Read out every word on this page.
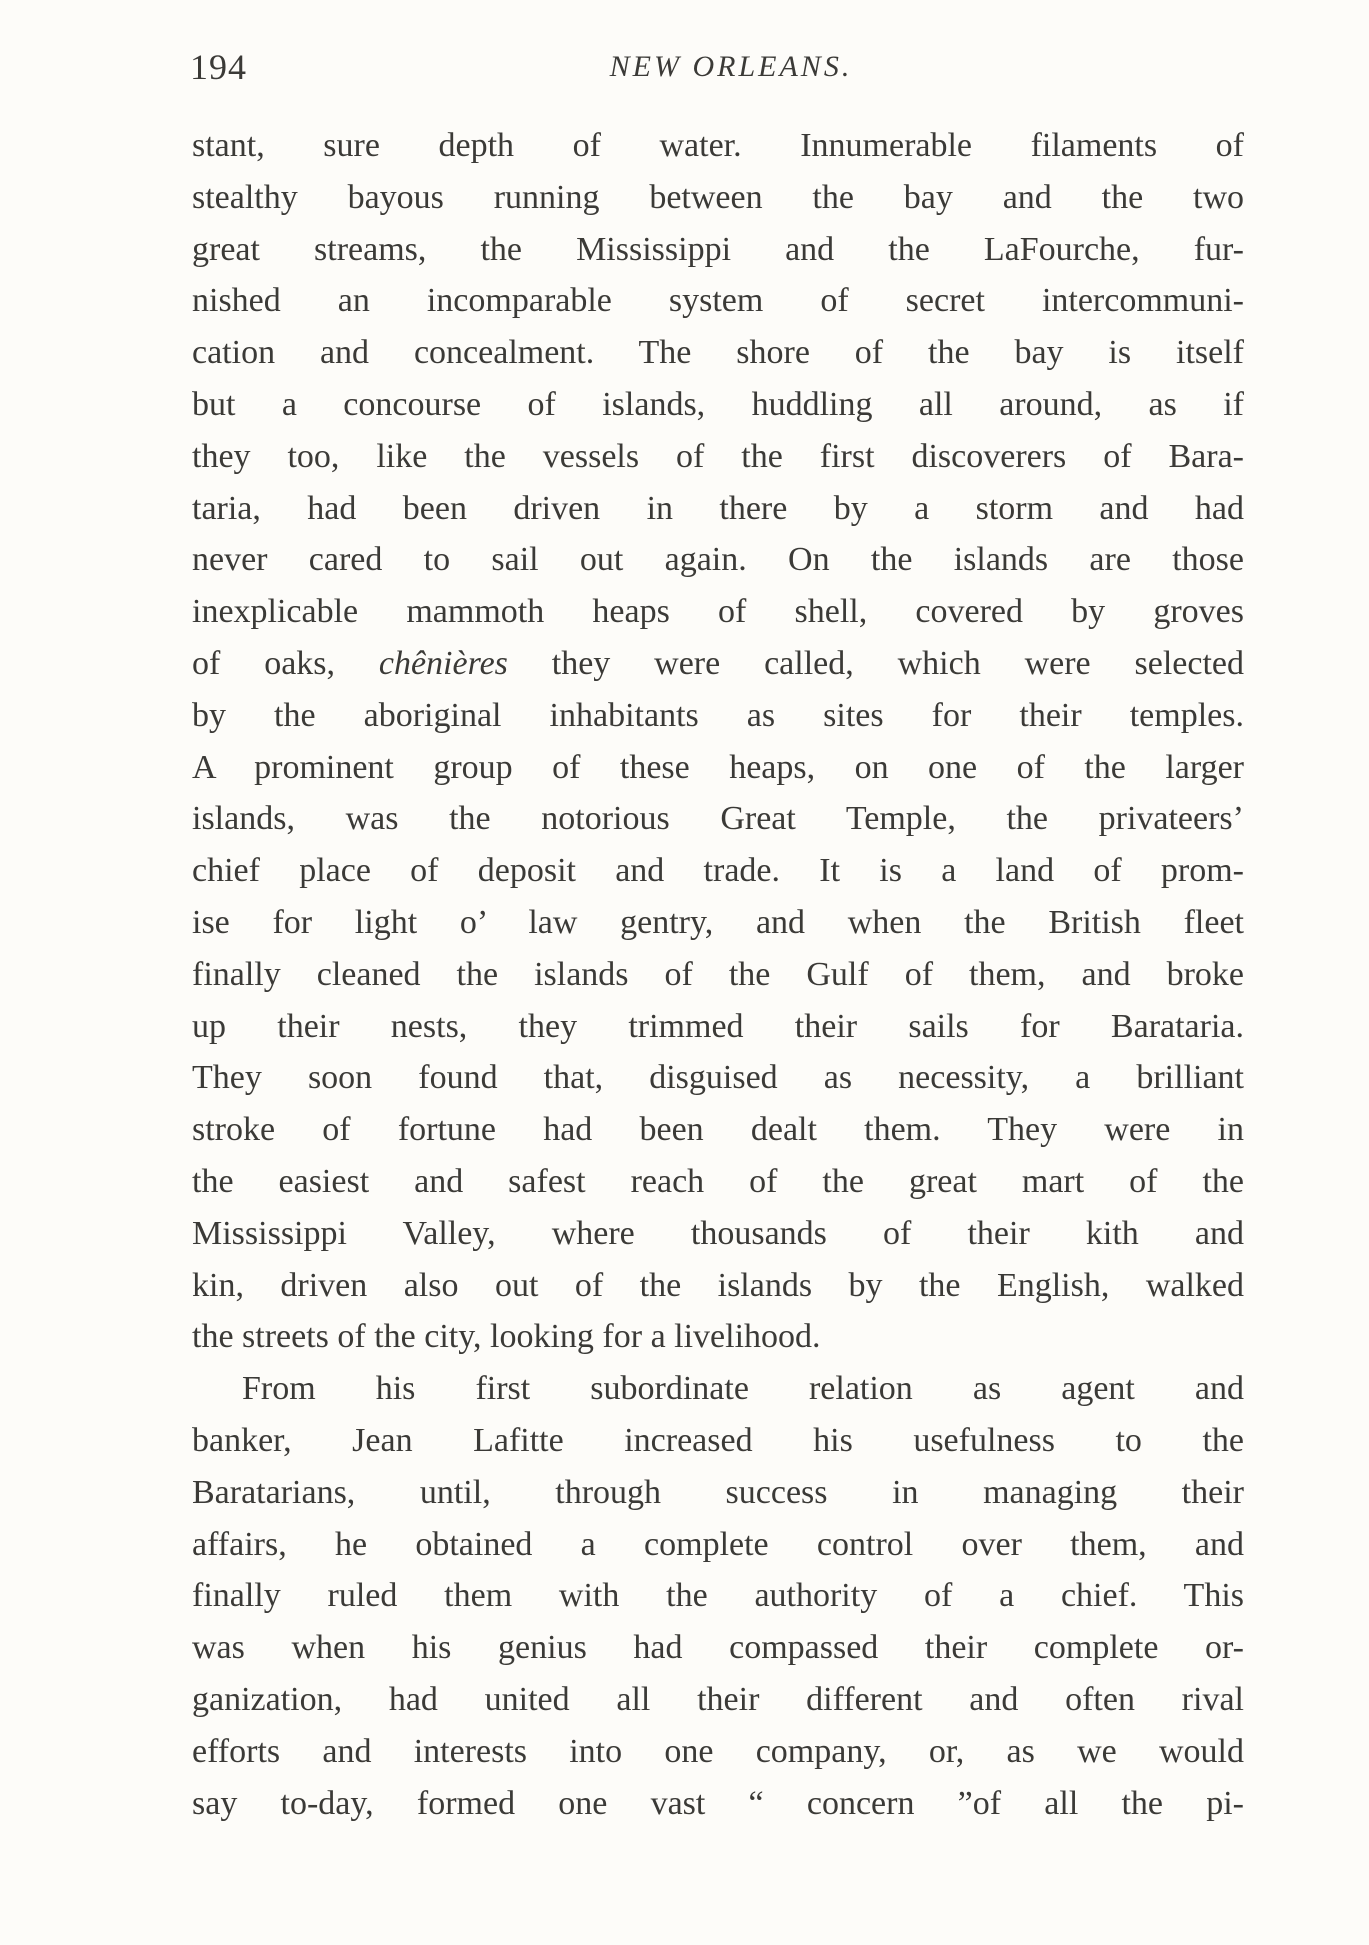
194	NEW ORLEANS.
stant, sure depth of water. Innumerable filaments of
stealthy bayous running between the bay and the two
great streams, the Mississippi and the LaFourche, fur-
nished an incomparable system of secret intercommuni-
cation and concealment. The shore of the bay is itself
but a concourse of islands, huddling all around, as if
they too, like the vessels of the first discoverers of Bara-
taria, had been driven in there by a storm and had
never cared to sail out again. On the islands are those
inexplicable mammoth heaps of shell, covered by groves
of oaks, chênières they were called, which were selected
by the aboriginal inhabitants as sites for their temples.
A prominent group of these heaps, on one of the larger
islands, was the notorious Great Temple, the privateers’
chief place of deposit and trade. It is a land of prom-
ise for light o’ law gentry, and when the British fleet
finally cleaned the islands of the Gulf of them, and broke
up their nests, they trimmed their sails for Barataria.
They soon found that, disguised as necessity, a brilliant
stroke of fortune had been dealt them. They were in
the easiest and safest reach of the great mart of the
Mississippi Valley, where thousands of their kith and
kin, driven also out of the islands by the English, walked
the streets of the city, looking for a livelihood.
From his first subordinate relation as agent and
banker, Jean Lafitte increased his usefulness to the
Baratarians, until, through success in managing their
affairs, he obtained a complete control over them, and
finally ruled them with the authority of a chief. This
was when his genius had compassed their complete or-
ganization, had united all their different and often rival
efforts and interests into one company, or, as we would
say to-day, formed one vast “ concern ”of all the pi-
